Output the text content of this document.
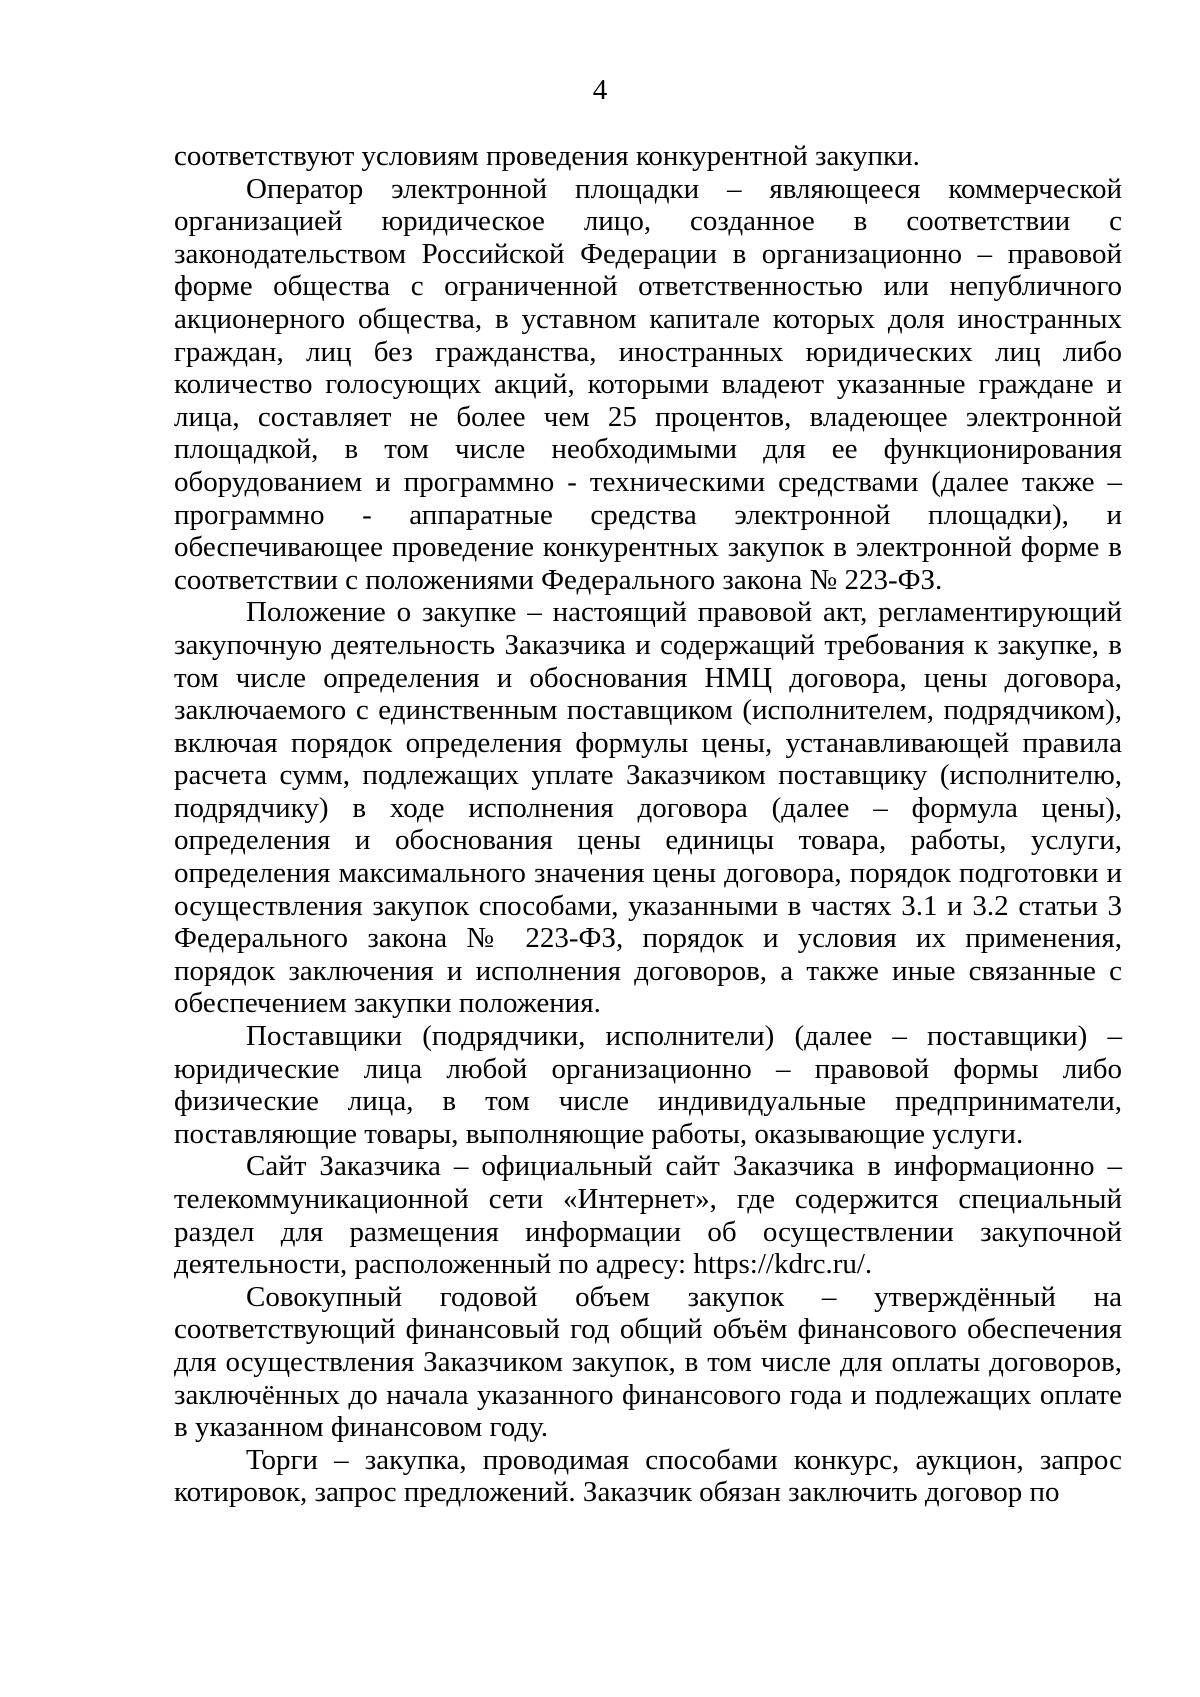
4

соответствуют условиям проведения конкурентной закупки.

Оператор электронной площадки – являющееся коммерческой организацией юридическое лицо, созданное в соответствии с законодательством Российской Федерации в организационно – правовой форме общества с ограниченной ответственностью или непубличного акционерного общества, в уставном капитале которых доля иностранных граждан, лиц без гражданства, иностранных юридических лиц либо количество голосующих акций, которыми владеют указанные граждане и лица, составляет не более чем 25 процентов, владеющее электронной площадкой, в том числе необходимыми для ее функционирования оборудованием и программно - техническими средствами (далее также – программно - аппаратные средства электронной площадки), и обеспечивающее проведение конкурентных закупок в электронной форме в соответствии с положениями Федерального закона № 223-ФЗ.

Положение о закупке – настоящий правовой акт, регламентирующий закупочную деятельность Заказчика и содержащий требования к закупке, в том числе определения и обоснования НМЦ договора, цены договора, заключаемого с единственным поставщиком (исполнителем, подрядчиком), включая порядок определения формулы цены, устанавливающей правила расчета сумм, подлежащих уплате Заказчиком поставщику (исполнителю, подрядчику) в ходе исполнения договора (далее – формула цены), определения и обоснования цены единицы товара, работы, услуги, определения максимального значения цены договора, порядок подготовки и осуществления закупок способами, указанными в частях 3.1 и 3.2 статьи 3 Федерального закона № 223-ФЗ, порядок и условия их применения, порядок заключения и исполнения договоров, а также иные связанные с обеспечением закупки положения.

Поставщики (подрядчики, исполнители) (далее – поставщики) – юридические лица любой организационно – правовой формы либо физические лица, в том числе индивидуальные предприниматели, поставляющие товары, выполняющие работы, оказывающие услуги.

Сайт Заказчика – официальный сайт Заказчика в информационно – телекоммуникационной сети «Интернет», где содержится специальный раздел для размещения информации об осуществлении закупочной деятельности, расположенный по адресу: https://kdrc.ru/.

Совокупный годовой объем закупок – утверждённый на соответствующий финансовый год общий объём финансового обеспечения для осуществления Заказчиком закупок, в том числе для оплаты договоров, заключённых до начала указанного финансового года и подлежащих оплате в указанном финансовом году.

Торги – закупка, проводимая способами конкурс, аукцион, запрос котировок, запрос предложений. Заказчик обязан заключить договор по
